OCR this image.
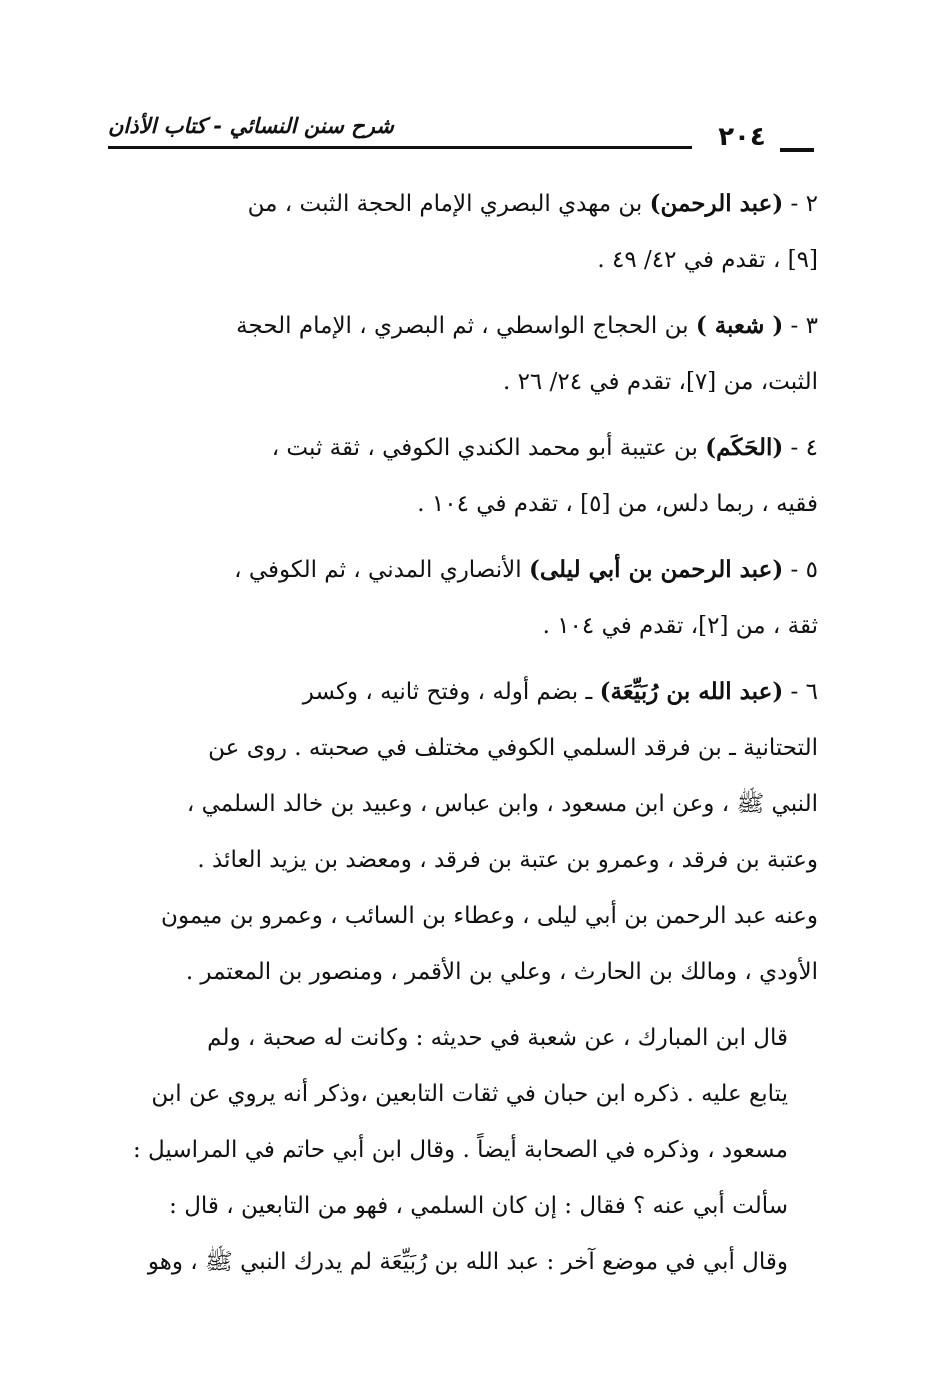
شرح سنن النسائي - كتاب الأذان	٢٠٤

٢ - (عبد الرحمن) بن مهدي البصري الإمام الحجة الثبت ، من

[٩] ، تقدم في ٤٢/ ٤٩ .

٣ - ( شعبة ) بن الحجاج الواسطي ، ثم البصري ، الإمام الحجة

الثبت، من [٧]، تقدم في ٢٤/ ٢٦ .

٤ - (الحَكَم) بن عتيبة أبو محمد الكندي الكوفي ، ثقة ثبت ،

فقيه ، ربما دلس، من [٥] ، تقدم في ١٠٤ .

٥ - (عبد الرحمن بن أبي ليلى) الأنصاري المدني ، ثم الكوفي ،

ثقة ، من [٢]، تقدم في ١٠٤ .

٦ - (عبد الله بن رُبَيِّعَة) ـ بضم أوله ، وفتح ثانيه ، وكسر

التحتانية ـ بن فرقد السلمي الكوفي مختلف في صحبته . روى عن

النبي ﷺ ، وعن ابن مسعود ، وابن عباس ، وعبيد بن خالد السلمي ،

وعتبة بن فرقد ، وعمرو بن عتبة بن فرقد ، ومعضد بن يزيد العائذ .

وعنه عبد الرحمن بن أبي ليلى ، وعطاء بن السائب ، وعمرو بن ميمون

الأودي ، ومالك بن الحارث ، وعلي بن الأقمر ، ومنصور بن المعتمر .

قال ابن المبارك ، عن شعبة في حديثه : وكانت له صحبة ، ولم

يتابع عليه . ذكره ابن حبان في ثقات التابعين ،وذكر أنه يروي عن ابن

مسعود ، وذكره في الصحابة أيضاً . وقال ابن أبي حاتم في المراسيل :

سألت أبي عنه ؟ فقال : إن كان السلمي ، فهو من التابعين ، قال :

وقال أبي في موضع آخر : عبد الله بن رُبَيِّعَة لم يدرك النبي ﷺ ، وهو
